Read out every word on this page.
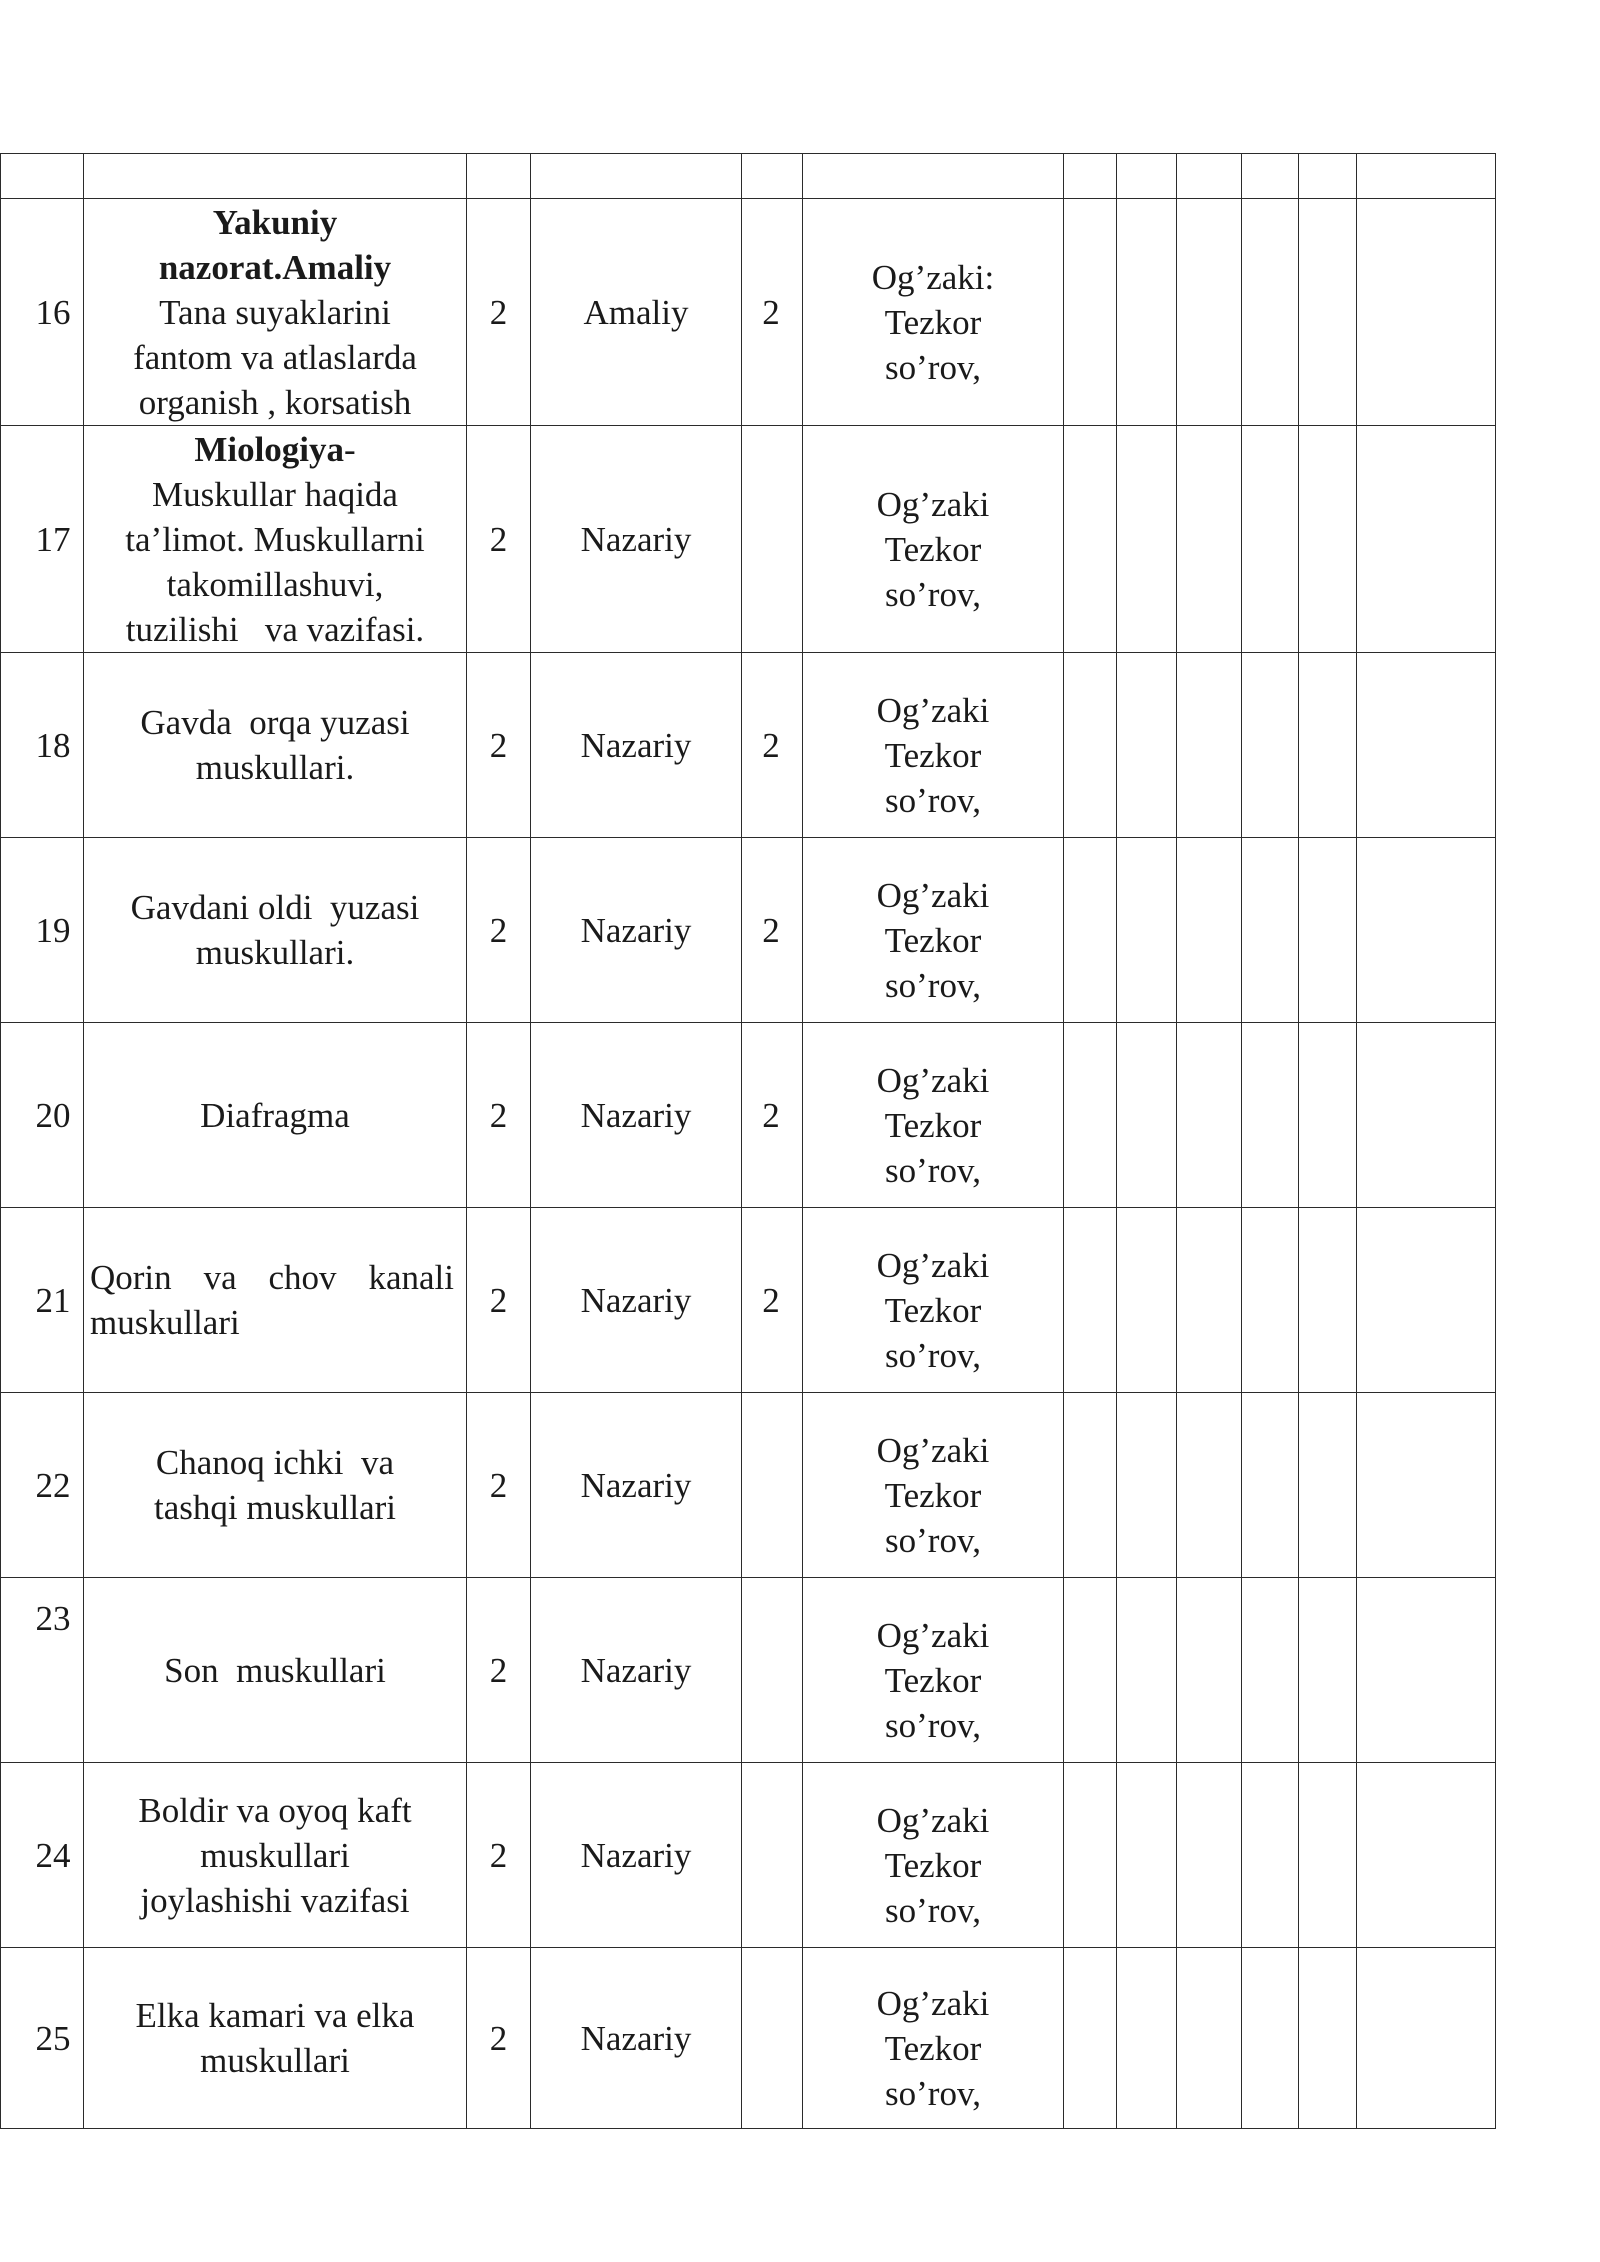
16	Yakuniy
nazorat.Amaliy
Tana suyaklarini
fantom va atlaslarda
organish , korsatish	2	Amaliy	2	Og’zaki:
Tezkor
so’rov,						

17	Miologiya-
Muskullar haqida
ta’limot. Muskullarni
takomillashuvi,
tuzilishi   va vazifasi.	2	Nazariy		Og’zaki
Tezkor
so’rov,						

18	Gavda  orqa yuzasi
muskullari.	2	Nazariy	2	Og’zaki
Tezkor
so’rov,						

19	Gavdani oldi  yuzasi
muskullari.	2	Nazariy	2	Og’zaki
Tezkor
so’rov,						

20	Diafragma	2	Nazariy	2	Og’zaki
Tezkor
so’rov,						

21	Qorin va chov kanali
muskullari	2	Nazariy	2	Og’zaki
Tezkor
so’rov,						

22	Chanoq ichki  va
tashqi muskullari	2	Nazariy		Og’zaki
Tezkor
so’rov,						

23	Son  muskullari	2	Nazariy		Og’zaki
Tezkor
so’rov,						

24	Boldir va oyoq kaft
muskullari
joylashishi vazifasi	2	Nazariy		Og’zaki
Tezkor
so’rov,						

25	Elka kamari va elka
muskullari	2	Nazariy		Og’zaki
Tezkor
so’rov,						
